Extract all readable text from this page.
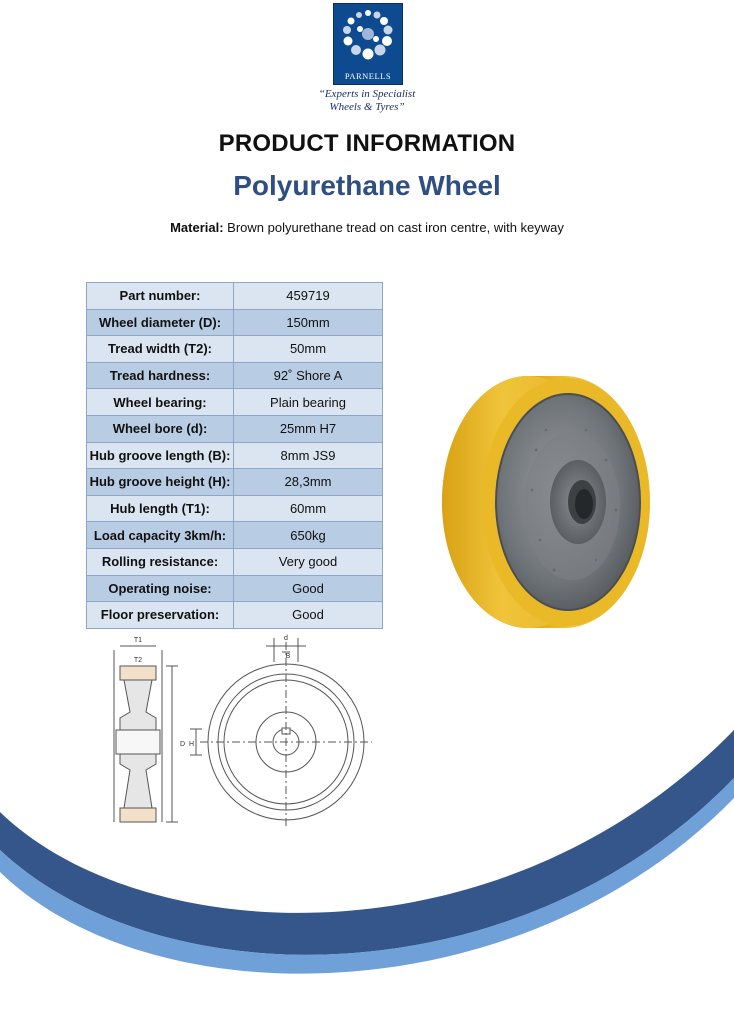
PARNELLS
“Experts in Specialist
Wheels & Tyres”
PRODUCT INFORMATION
Polyurethane Wheel
Material: Brown polyurethane tread on cast iron centre, with keyway
Part number:	459719
Wheel diameter (D):	150mm
Tread width (T2):	50mm
Tread hardness:	92˚ Shore A
Wheel bearing:	Plain bearing
Wheel bore (d):	25mm H7
Hub groove length (B):	8mm JS9
Hub groove height (H):	28,3mm
Hub length (T1):	60mm
Load capacity 3km/h:	650kg
Rolling resistance:	Very good
Operating noise:	Good
Floor preservation:	Good
T1
T2
D H
d
B
